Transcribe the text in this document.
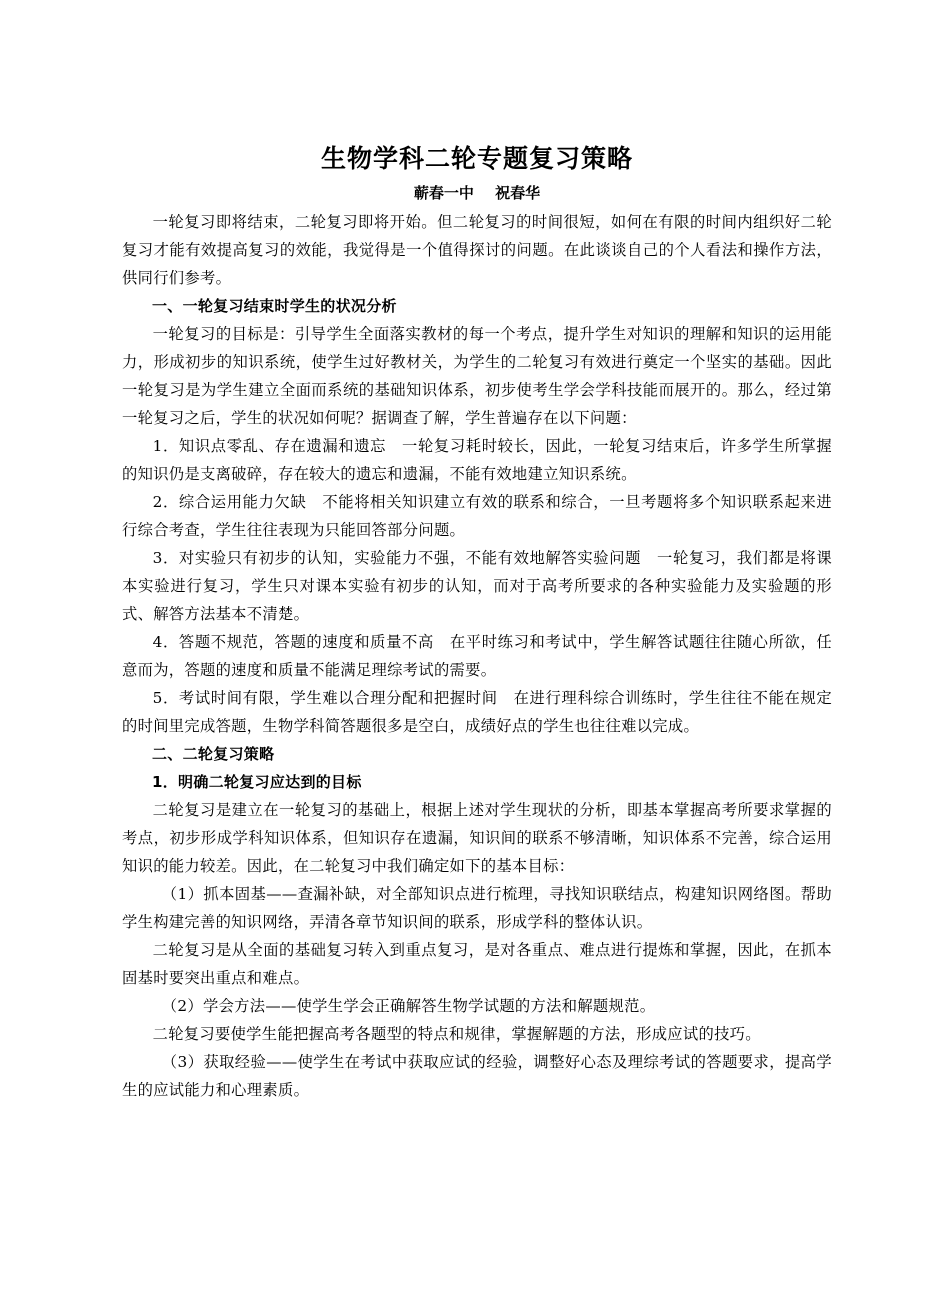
生物学科二轮专题复习策略
蕲春一中 祝春华

一轮复习即将结束，二轮复习即将开始。但二轮复习的时间很短，如何在有限的时间内组织好二轮复习才能有效提高复习的效能，我觉得是一个值得探讨的问题。在此谈谈自己的个人看法和操作方法，供同行们参考。

一、一轮复习结束时学生的状况分析

一轮复习的目标是：引导学生全面落实教材的每一个考点，提升学生对知识的理解和知识的运用能力，形成初步的知识系统，使学生过好教材关，为学生的二轮复习有效进行奠定一个坚实的基础。因此一轮复习是为学生建立全面而系统的基础知识体系，初步使考生学会学科技能而展开的。那么，经过第一轮复习之后，学生的状况如何呢？据调查了解，学生普遍存在以下问题：

1．知识点零乱、存在遗漏和遗忘　一轮复习耗时较长，因此，一轮复习结束后，许多学生所掌握的知识仍是支离破碎，存在较大的遗忘和遗漏，不能有效地建立知识系统。

2．综合运用能力欠缺　不能将相关知识建立有效的联系和综合，一旦考题将多个知识联系起来进行综合考查，学生往往表现为只能回答部分问题。

3．对实验只有初步的认知，实验能力不强，不能有效地解答实验问题　一轮复习，我们都是将课本实验进行复习，学生只对课本实验有初步的认知，而对于高考所要求的各种实验能力及实验题的形式、解答方法基本不清楚。

4．答题不规范，答题的速度和质量不高　在平时练习和考试中，学生解答试题往往随心所欲，任意而为，答题的速度和质量不能满足理综考试的需要。

5．考试时间有限，学生难以合理分配和把握时间　在进行理科综合训练时，学生往往不能在规定的时间里完成答题，生物学科简答题很多是空白，成绩好点的学生也往往难以完成。

二、二轮复习策略

1．明确二轮复习应达到的目标

二轮复习是建立在一轮复习的基础上，根据上述对学生现状的分析，即基本掌握高考所要求掌握的考点，初步形成学科知识体系，但知识存在遗漏，知识间的联系不够清晰，知识体系不完善，综合运用知识的能力较差。因此，在二轮复习中我们确定如下的基本目标：

（1）抓本固基——查漏补缺，对全部知识点进行梳理，寻找知识联结点，构建知识网络图。帮助学生构建完善的知识网络，弄清各章节知识间的联系，形成学科的整体认识。

二轮复习是从全面的基础复习转入到重点复习，是对各重点、难点进行提炼和掌握，因此，在抓本固基时要突出重点和难点。

（2）学会方法——使学生学会正确解答生物学试题的方法和解题规范。

二轮复习要使学生能把握高考各题型的特点和规律，掌握解题的方法，形成应试的技巧。

（3）获取经验——使学生在考试中获取应试的经验，调整好心态及理综考试的答题要求，提高学生的应试能力和心理素质。
